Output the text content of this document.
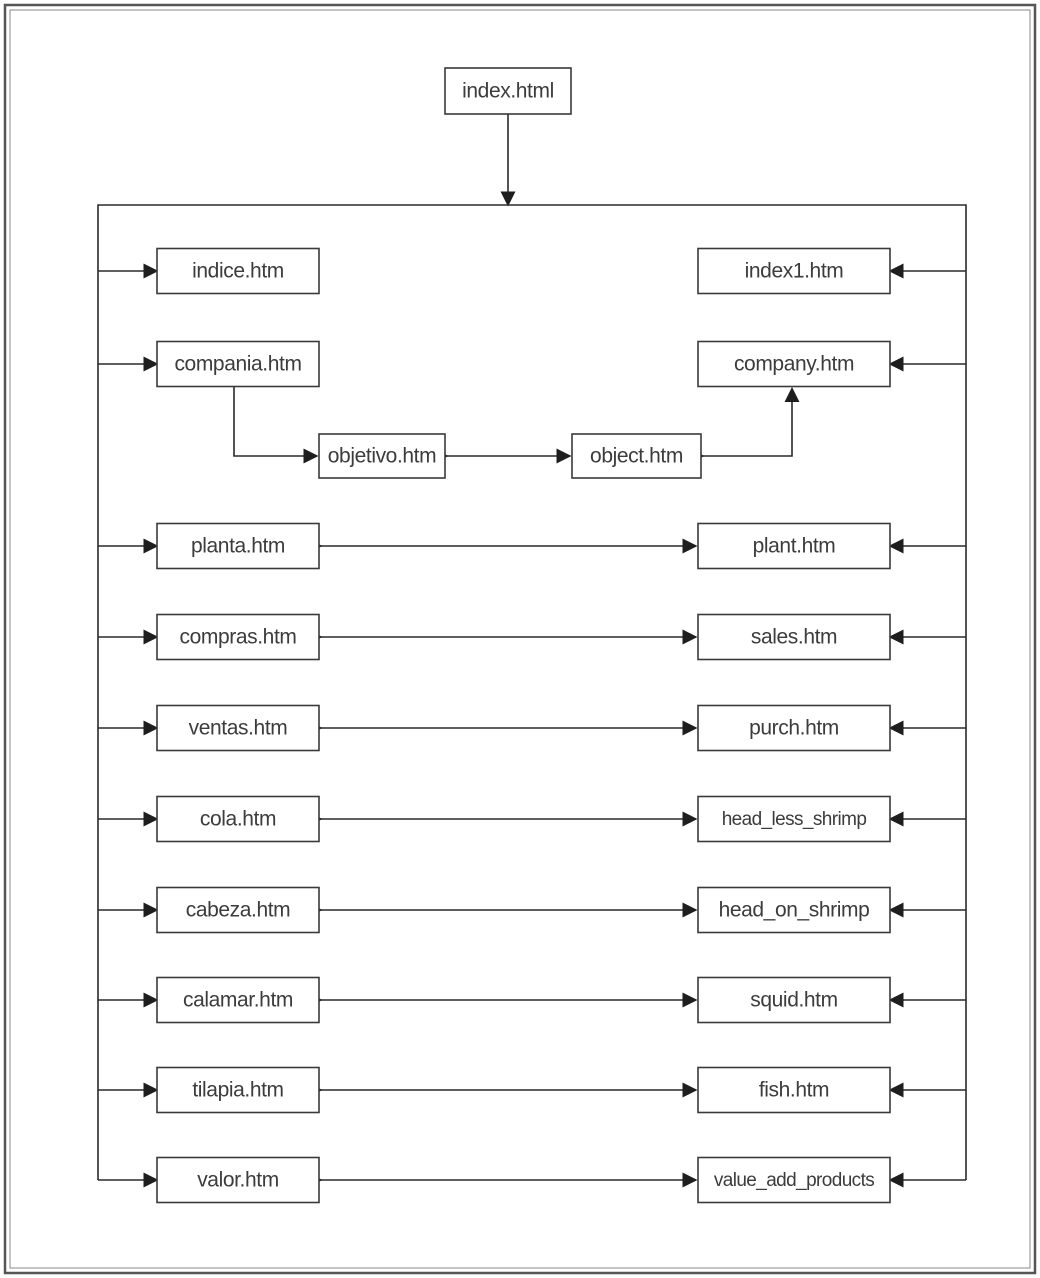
index.html
indice.htm	index1.htm
compania.htm	company.htm
planta.htm	plant.htm
compras.htm	sales.htm
ventas.htm	purch.htm
cola.htm	head_less_shrimp
cabeza.htm	head_on_shrimp
calamar.htm	squid.htm
tilapia.htm	fish.htm
valor.htm	value_add_products
objetivo.htm	object.htm
